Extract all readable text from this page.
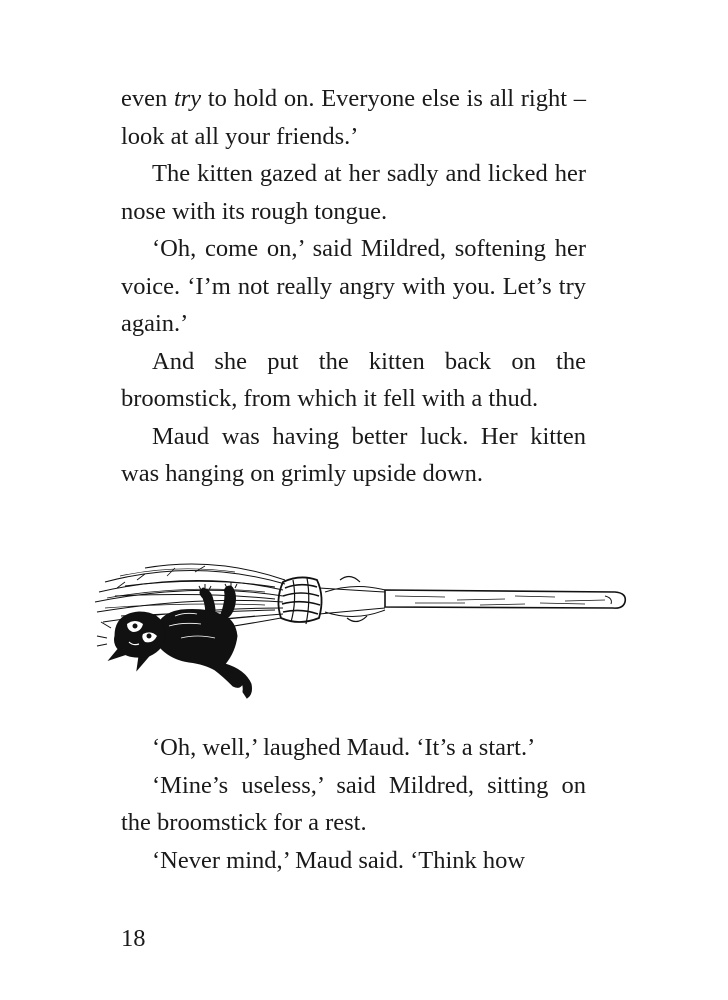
even try to hold on. Everyone else is all right – look at all your friends.’

The kitten gazed at her sadly and licked her nose with its rough tongue.

‘Oh, come on,’ said Mildred, softening her voice. ‘I’m not really angry with you. Let’s try again.’

And she put the kitten back on the broomstick, from which it fell with a thud.

Maud was having better luck. Her kitten was hanging on grimly upside down.

‘Oh, well,’ laughed Maud. ‘It’s a start.’

‘Mine’s useless,’ said Mildred, sitting on the broomstick for a rest.

‘Never mind,’ Maud said. ‘Think how

18
